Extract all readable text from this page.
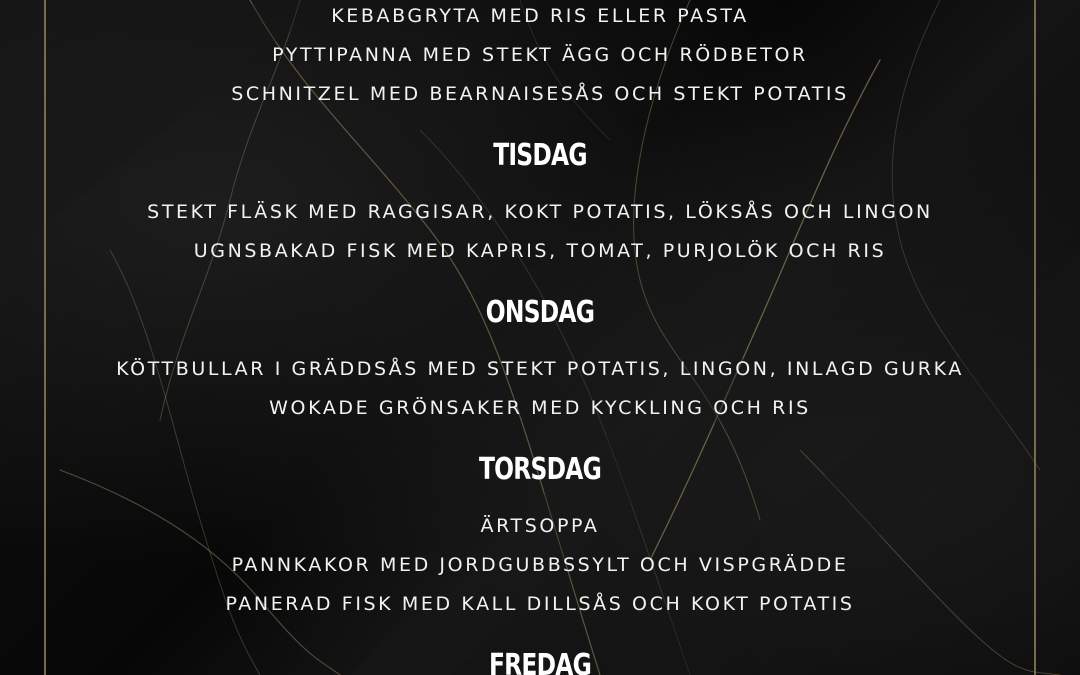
KEBABGRYTA MED RIS ELLER PASTA
PYTTIPANNA MED STEKT ÄGG OCH RÖDBETOR
SCHNITZEL MED BEARNAISESÅS OCH STEKT POTATIS
TISDAG
STEKT FLÄSK MED RAGGISAR, KOKT POTATIS, LÖKSÅS OCH LINGON
UGNSBAKAD FISK MED KAPRIS, TOMAT, PURJOLÖK OCH RIS
ONSDAG
KÖTTBULLAR I GRÄDDSÅS MED STEKT POTATIS, LINGON, INLAGD GURKA
WOKADE GRÖNSAKER MED KYCKLING OCH RIS
TORSDAG
ÄRTSOPPA
PANNKAKOR MED JORDGUBBSSYLT OCH VISPGRÄDDE
PANERAD FISK MED KALL DILLSÅS OCH KOKT POTATIS
FREDAG
